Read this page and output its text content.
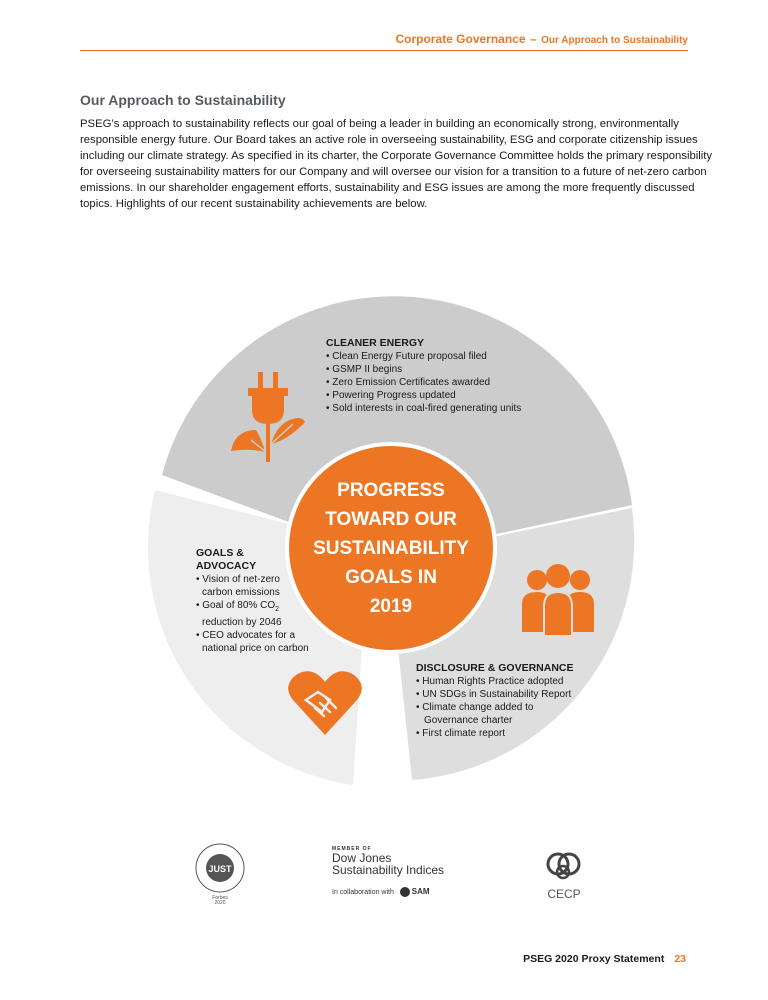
Corporate Governance – Our Approach to Sustainability
Our Approach to Sustainability
PSEG’s approach to sustainability reflects our goal of being a leader in building an economically strong, environmentally
responsible energy future. Our Board takes an active role in overseeing sustainability, ESG and corporate citizenship issues
including our climate strategy. As specified in its charter, the Corporate Governance Committee holds the primary responsibility
for overseeing sustainability matters for our Company and will oversee our vision for a transition to a future of net-zero carbon
emissions. In our shareholder engagement efforts, sustainability and ESG issues are among the more frequently discussed
topics. Highlights of our recent sustainability achievements are below.
CLEANER ENERGY
• Clean Energy Future proposal filed
• GSMP II begins
• Zero Emission Certificates awarded
• Powering Progress updated
• Sold interests in coal-fired generating units
GOALS &
ADVOCACY
• Vision of net-zero
carbon emissions
• Goal of 80% $CO_2$
reduction by 2046
• CEO advocates for a
national price on carbon
DISCLOSURE & GOVERNANCE
• Human Rights Practice adopted
• UN SDGs in Sustainability Report
• Climate change added to
Governance charter
• First climate report
PROGRESS
TOWARD OUR
SUSTAINABILITY
GOALS IN
2019
JUST
Forbes
2020
MEMBER OF
Dow Jones
Sustainability Indices
In collaboration with SAM	CECP
PSEG 2020 Proxy Statement 23
